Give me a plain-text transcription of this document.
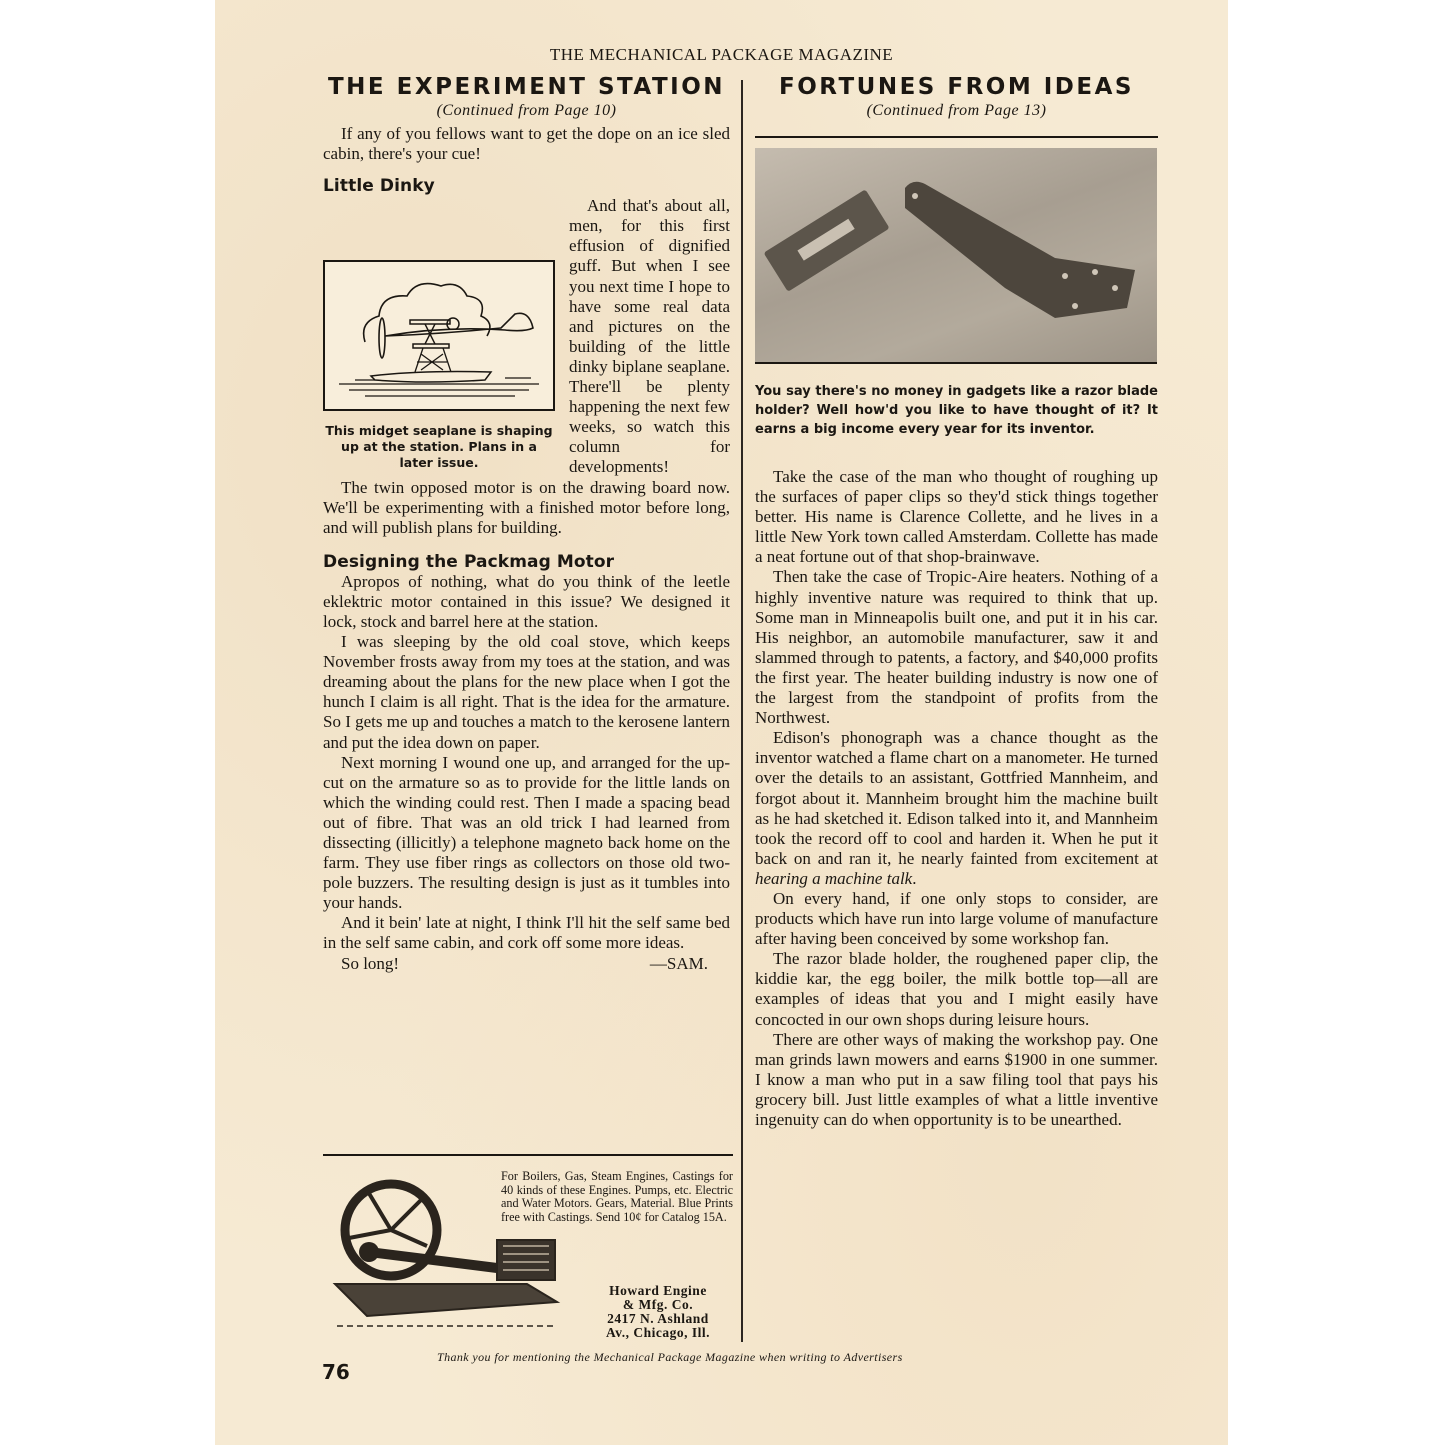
THE MECHANICAL PACKAGE MAGAZINE
THE EXPERIMENT STATION
(Continued from Page 10)

If any of you fellows want to get the dope on an ice sled cabin, there's your cue!

Little Dinky
This midget seaplane is shaping up at the station. Plans in a later issue.

And that's about all, men, for this first effusion of dignified guff. But when I see you next time I hope to have some real data and pictures on the building of the little dinky biplane seaplane. There'll be plenty happening the next few weeks, so watch this column for developments!

The twin opposed motor is on the drawing board now. We'll be experimenting with a finished motor before long, and will publish plans for building.

Designing the Packmag Motor

Apropos of nothing, what do you think of the leetle eklektric motor contained in this issue? We designed it lock, stock and barrel here at the station.

I was sleeping by the old coal stove, which keeps November frosts away from my toes at the station, and was dreaming about the plans for the new place when I got the hunch I claim is all right. That is the idea for the armature. So I gets me up and touches a match to the kerosene lantern and put the idea down on paper.

Next morning I wound one up, and arranged for the up-cut on the armature so as to provide for the little lands on which the winding could rest. Then I made a spacing bead out of fibre. That was an old trick I had learned from dissecting (illicitly) a telephone magneto back home on the farm. They use fiber rings as collectors on those old two-pole buzzers. The resulting design is just as it tumbles into your hands.

And it bein' late at night, I think I'll hit the self same bed in the self same cabin, and cork off some more ideas.

So long!	—SAM.
For Boilers, Gas, Steam Engines, Castings for 40 kinds of these Engines. Pumps, etc. Electric and Water Motors. Gears, Material. Blue Prints free with Castings. Send 10¢ for Catalog 15A.
Howard Engine
& Mfg. Co.
2417 N. Ashland
Av., Chicago, Ill.
FORTUNES FROM IDEAS
(Continued from Page 13)
You say there's no money in gadgets like a razor blade holder? Well how'd you like to have thought of it? It earns a big income every year for its inventor.

Take the case of the man who thought of roughing up the surfaces of paper clips so they'd stick things together better. His name is Clarence Collette, and he lives in a little New York town called Amsterdam. Collette has made a neat fortune out of that shop-brainwave.

Then take the case of Tropic-Aire heaters. Nothing of a highly inventive nature was required to think that up. Some man in Minneapolis built one, and put it in his car. His neighbor, an automobile manufacturer, saw it and slammed through to patents, a factory, and $40,000 profits the first year. The heater building industry is now one of the largest from the standpoint of profits from the Northwest.

Edison's phonograph was a chance thought as the inventor watched a flame chart on a manometer. He turned over the details to an assistant, Gottfried Mannheim, and forgot about it. Mannheim brought him the machine built as he had sketched it. Edison talked into it, and Mannheim took the record off to cool and harden it. When he put it back on and ran it, he nearly fainted from excitement at hearing a machine talk.

On every hand, if one only stops to consider, are products which have run into large volume of manufacture after having been conceived by some workshop fan.

The razor blade holder, the roughened paper clip, the kiddie kar, the egg boiler, the milk bottle top—all are examples of ideas that you and I might easily have concocted in our own shops during leisure hours.

There are other ways of making the workshop pay. One man grinds lawn mowers and earns $1900 in one summer. I know a man who put in a saw filing tool that pays his grocery bill. Just little examples of what a little inventive ingenuity can do when opportunity is to be unearthed.

Thank you for mentioning the Mechanical Package Magazine when writing to Advertisers
76
